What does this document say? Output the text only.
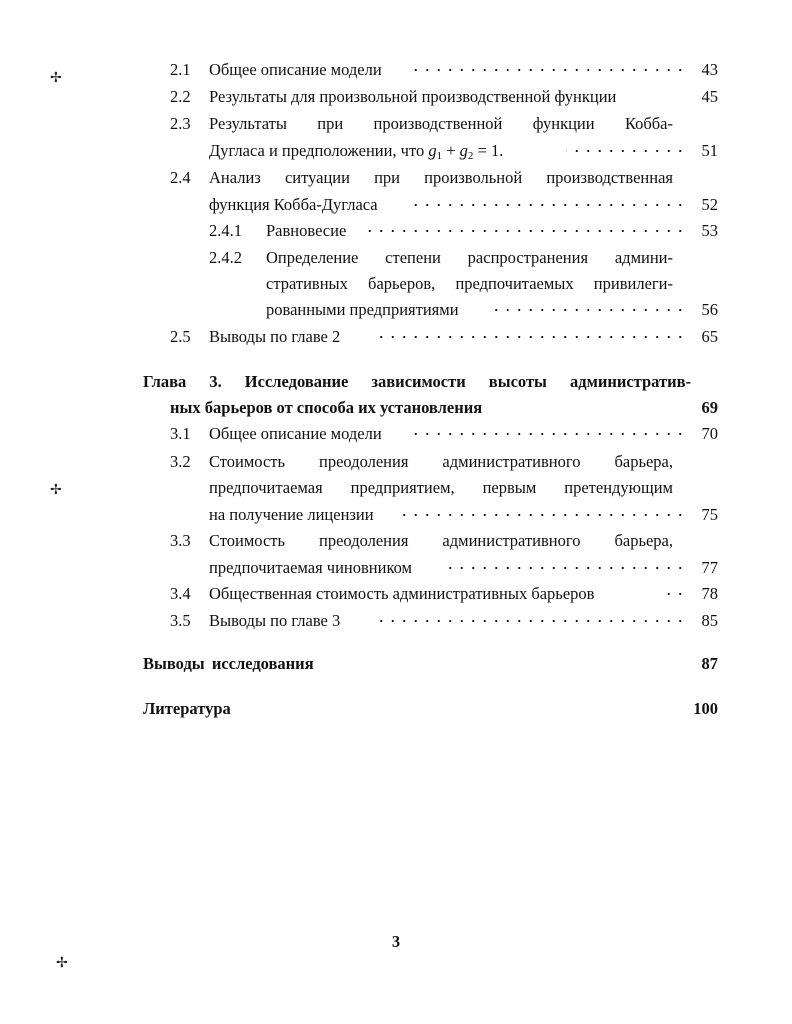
✢
✢
✢
2.1 Общее описание модели	43
2.2 Результаты для произвольной производственной функции	45
2.3 Результаты при производственной функции Кобба-
Дугласа и предположении, что $g_1 + g_2 = 1$.	51
2.4 Анализ ситуации при произвольной производственная
функция Кобба-Дугласа	52
2.4.1 Равновесие	53
2.4.2 Определение степени распространения админи-
стративных барьеров, предпочитаемых привилеги-
рованными предприятиями	56
2.5 Выводы по главе 2	65
Глава 3. Исследование зависимости высоты административ-
ных барьеров от способа их установления	69
3.1 Общее описание модели	70
3.2 Стоимость преодоления административного барьера,
предпочитаемая предприятием, первым претендующим
на получение лицензии	75
3.3 Стоимость преодоления административного барьера,
предпочитаемая чиновником	77
3.4 Общественная стоимость административных барьеров	78
3.5 Выводы по главе 3	85
Выводы исследования	87
Литература	100
3
